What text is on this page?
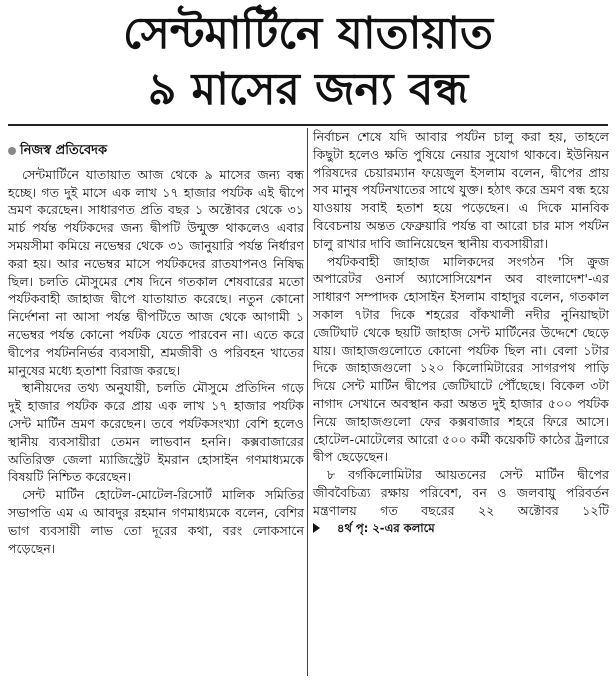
সেন্টমার্টিনে যাতায়াত
৯ মাসের জন্য বন্ধ
নিজস্ব প্রতিবেদক

সেন্টমার্টিনে যাতায়াত আজ থেকে ৯ মাসের জন্য বন্ধ হচ্ছে। গত দুই মাসে এক লাখ ১৭ হাজার পর্যটক এই দ্বীপে ভ্রমণ করেছেন। সাধারণত প্রতি বছর ১ অক্টোবর থেকে ৩১ মার্চ পর্যন্ত পর্যটকদের জন্য দ্বীপটি উন্মুক্ত থাকলেও এবার সময়সীমা কমিয়ে নভেম্বর থেকে ৩১ জানুয়ারি পর্যন্ত নির্ধারণ করা হয়। আর নভেম্বর মাসে পর্যটকদের রাতযাপনও নিষিদ্ধ ছিল। চলতি মৌসুমের শেষ দিনে গতকাল শেষবারের মতো পর্যটকবাহী জাহাজ দ্বীপে যাতায়াত করেছে। নতুন কোনো নির্দেশনা না আসা পর্যন্ত দ্বীপটিতে আজ থেকে আগামী ১ নভেম্বর পর্যন্ত কোনো পর্যটক যেতে পারবেন না। এতে করে দ্বীপের পর্যটননির্ভর ব্যবসায়ী, শ্রমজীবী ও পরিবহন খাতের মানুষের মধ্যে হতাশা বিরাজ করছে।

স্থানীয়দের তথ্য অনুযায়ী, চলতি মৌসুমে প্রতিদিন গড়ে দুই হাজার পর্যটক করে প্রায় এক লাখ ১৭ হাজার পর্যটক সেন্ট মার্টিন ভ্রমণ করেছেন। তবে পর্যটকসংখ্যা বেশি হলেও স্থানীয় ব্যবসায়ীরা তেমন লাভবান হননি। কক্সবাজারের অতিরিক্ত জেলা ম্যাজিস্ট্রেট ইমরান হোসাইন গণমাধ্যমকে বিষয়টি নিশ্চিত করেছেন।

সেন্ট মার্টিন হোটেল-মোটেল-রিসোর্ট মালিক সমিতির সভাপতি এম এ আবদুর রহমান গণমাধ্যমকে বলেন, বেশির ভাগ ব্যবসায়ী লাভ তো দূরের কথা, বরং লোকসানে পড়েছেন।

নির্বাচন শেষে যদি আবার পর্যটন চালু করা হয়, তাহলে কিছুটা হলেও ক্ষতি পুষিয়ে নেয়ার সুযোগ থাকবে। ইউনিয়ন পরিষদের চেয়ারম্যান ফয়েজুল ইসলাম বলেন, দ্বীপের প্রায় সব মানুষ পর্যটনখাতের সাথে যুক্ত। হঠাৎ করে ভ্রমণ বন্ধ হয়ে যাওয়ায় সবাই হতাশ হয়ে পড়েছেন। এ দিকে মানবিক বিবেচনায় অন্তত ফেব্রুয়ারি পর্যন্ত বা আরো চার মাস পর্যটন চালু রাখার দাবি জানিয়েছেন স্থানীয় ব্যবসায়ীরা।

পর্যটকবাহী জাহাজ মালিকদের সংগঠন 'সি ক্রুজ অপারেটর ওনার্স অ্যাসোসিয়েশন অব বাংলাদেশ'-এর সাধারণ সম্পাদক হোসাইন ইসলাম বাহাদুর বলেন, গতকাল সকাল ৭টার দিকে শহরের বাঁকখালী নদীর নুনিয়াছটা জেটিঘাট থেকে ছয়টি জাহাজ সেন্ট মার্টিনের উদ্দেশে ছেড়ে যায়। জাহাজগুলোতে কোনো পর্যটক ছিল না। বেলা ১টার দিকে জাহাজগুলো ১২০ কিলোমিটারের সাগরপথ পাড়ি দিয়ে সেন্ট মার্টিন দ্বীপের জেটিঘাটে পৌঁছেছে। বিকেল ৩টা নাগাদ সেখানে অবস্থান করা অন্তত দুই হাজার ৫০০ পর্যটক নিয়ে জাহাজগুলো ফের কক্সবাজার শহরে ফিরে আসে। হোটেল-মোটেলের আরো ৫০০ কর্মী কয়েকটি কাঠের ট্রলারে দ্বীপ ছেড়েছেন।

৮ বর্গকিলোমিটার আয়তনের সেন্ট মার্টিন দ্বীপের জীববৈচিত্র্য রক্ষায় পরিবেশ, বন ও জলবায়ু পরিবর্তন মন্ত্রণালয় গত বছরের ২২ অক্টোবর ১২টি
৪র্থ পৃ: ২-এর কলামে
